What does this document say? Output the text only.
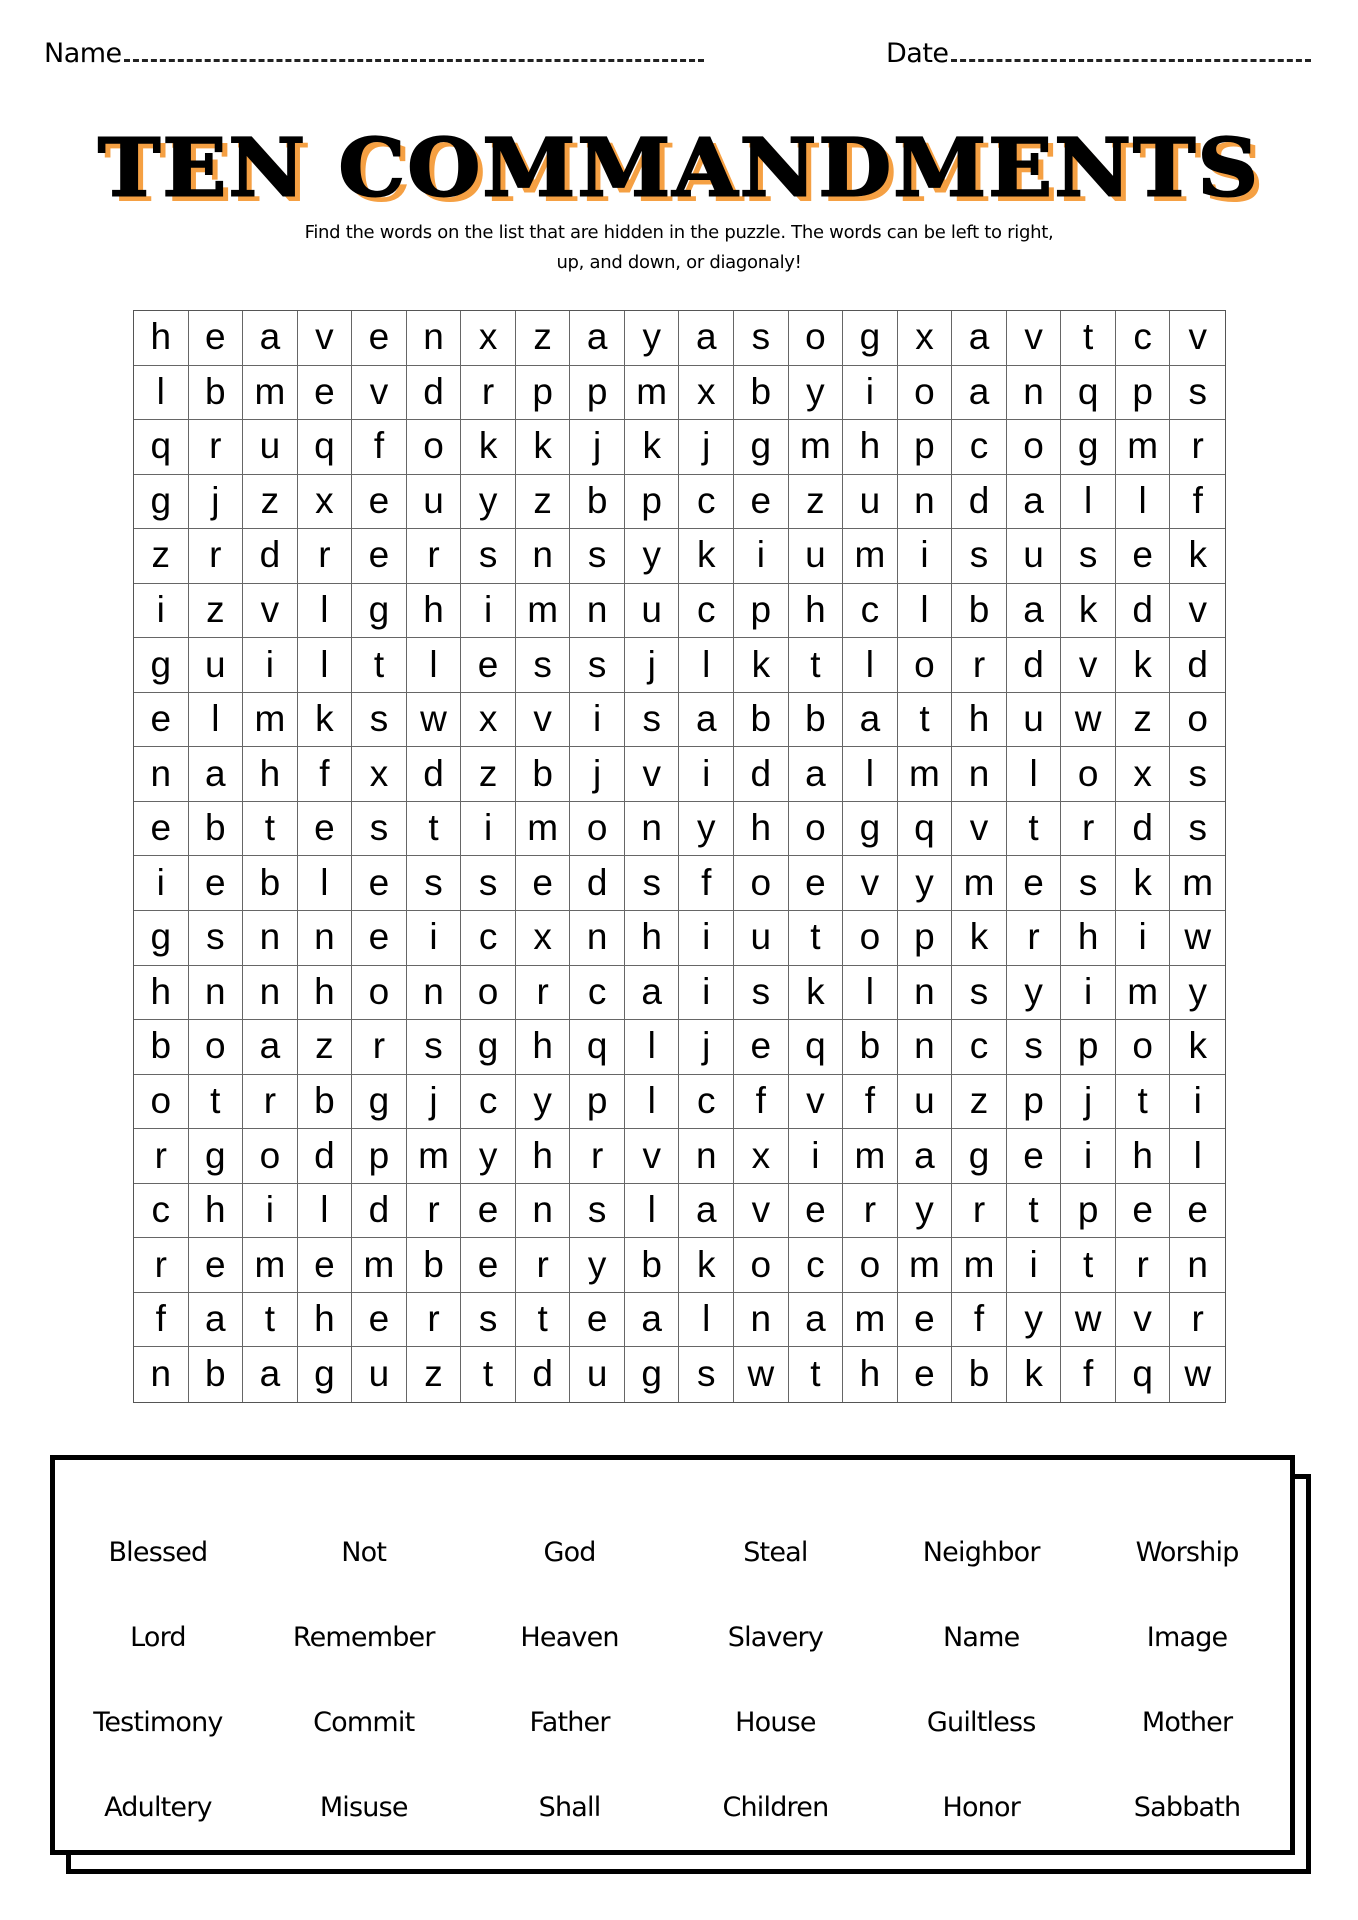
Name	Date
TEN COMMANDMENTS
Find the words on the list that are hidden in the puzzle. The words can be left to right,
up, and down, or diagonaly!
h e a v e n x z a y a s o g x a v	t	c v
l	b m e v d	r	p p m x b y	i	o a n q p s
q	r	u q	f	o k k	j	k	j	g m h p c o g m r
g	j	z x e u y z b p c e z u n d a	l	l	f
z	r	d	r	e	r	s n s y k	i	u m i	s u s e k
i	z v	l	g h	i m n u c p h c	l	b a k d v
g u	i	l	t	l	e s s	j	l	k	t	l	o	r	d v k d
e	l m k s w x v	i	s a b b a	t	h u w z o
n a h	f	x d z b	j	v	i	d a	l m n	l	o x s
e b	t	e s	t	i m o n y h o g q v	t	r	d s
i	e b	l	e s s e d s	f	o e v y m e s k m
g s n n e	i	c x n h	i	u	t	o p k	r	h	i	w
h n n h o n o	r	c a	i	s k	l	n s y	i m y
b o a z	r	s g h q	l	j	e q b n c s p o k
o	t	r	b g	j	c y p	l	c	f	v	f	u z p	j	t	i
r	g o d p m y h	r	v n x	i m a g e	i	h	l
c h	i	l	d	r	e n s	l	a v e	r	y	r	t	p e e
r	e m e m b e	r	y b k o c o m m i	t	r	n
f	a	t	h e	r	s	t	e a	l	n a m e	f	y w v	r
n b a g u z	t	d u g s w t	h e b k	f	q w
Blessed	Not	God	Steal	Neighbor	Worship
Lord	Remember	Heaven	Slavery	Name	Image
Testimony	Commit	Father	House	Guiltless	Mother
Adultery	Misuse	Shall	Children	Honor	Sabbath
